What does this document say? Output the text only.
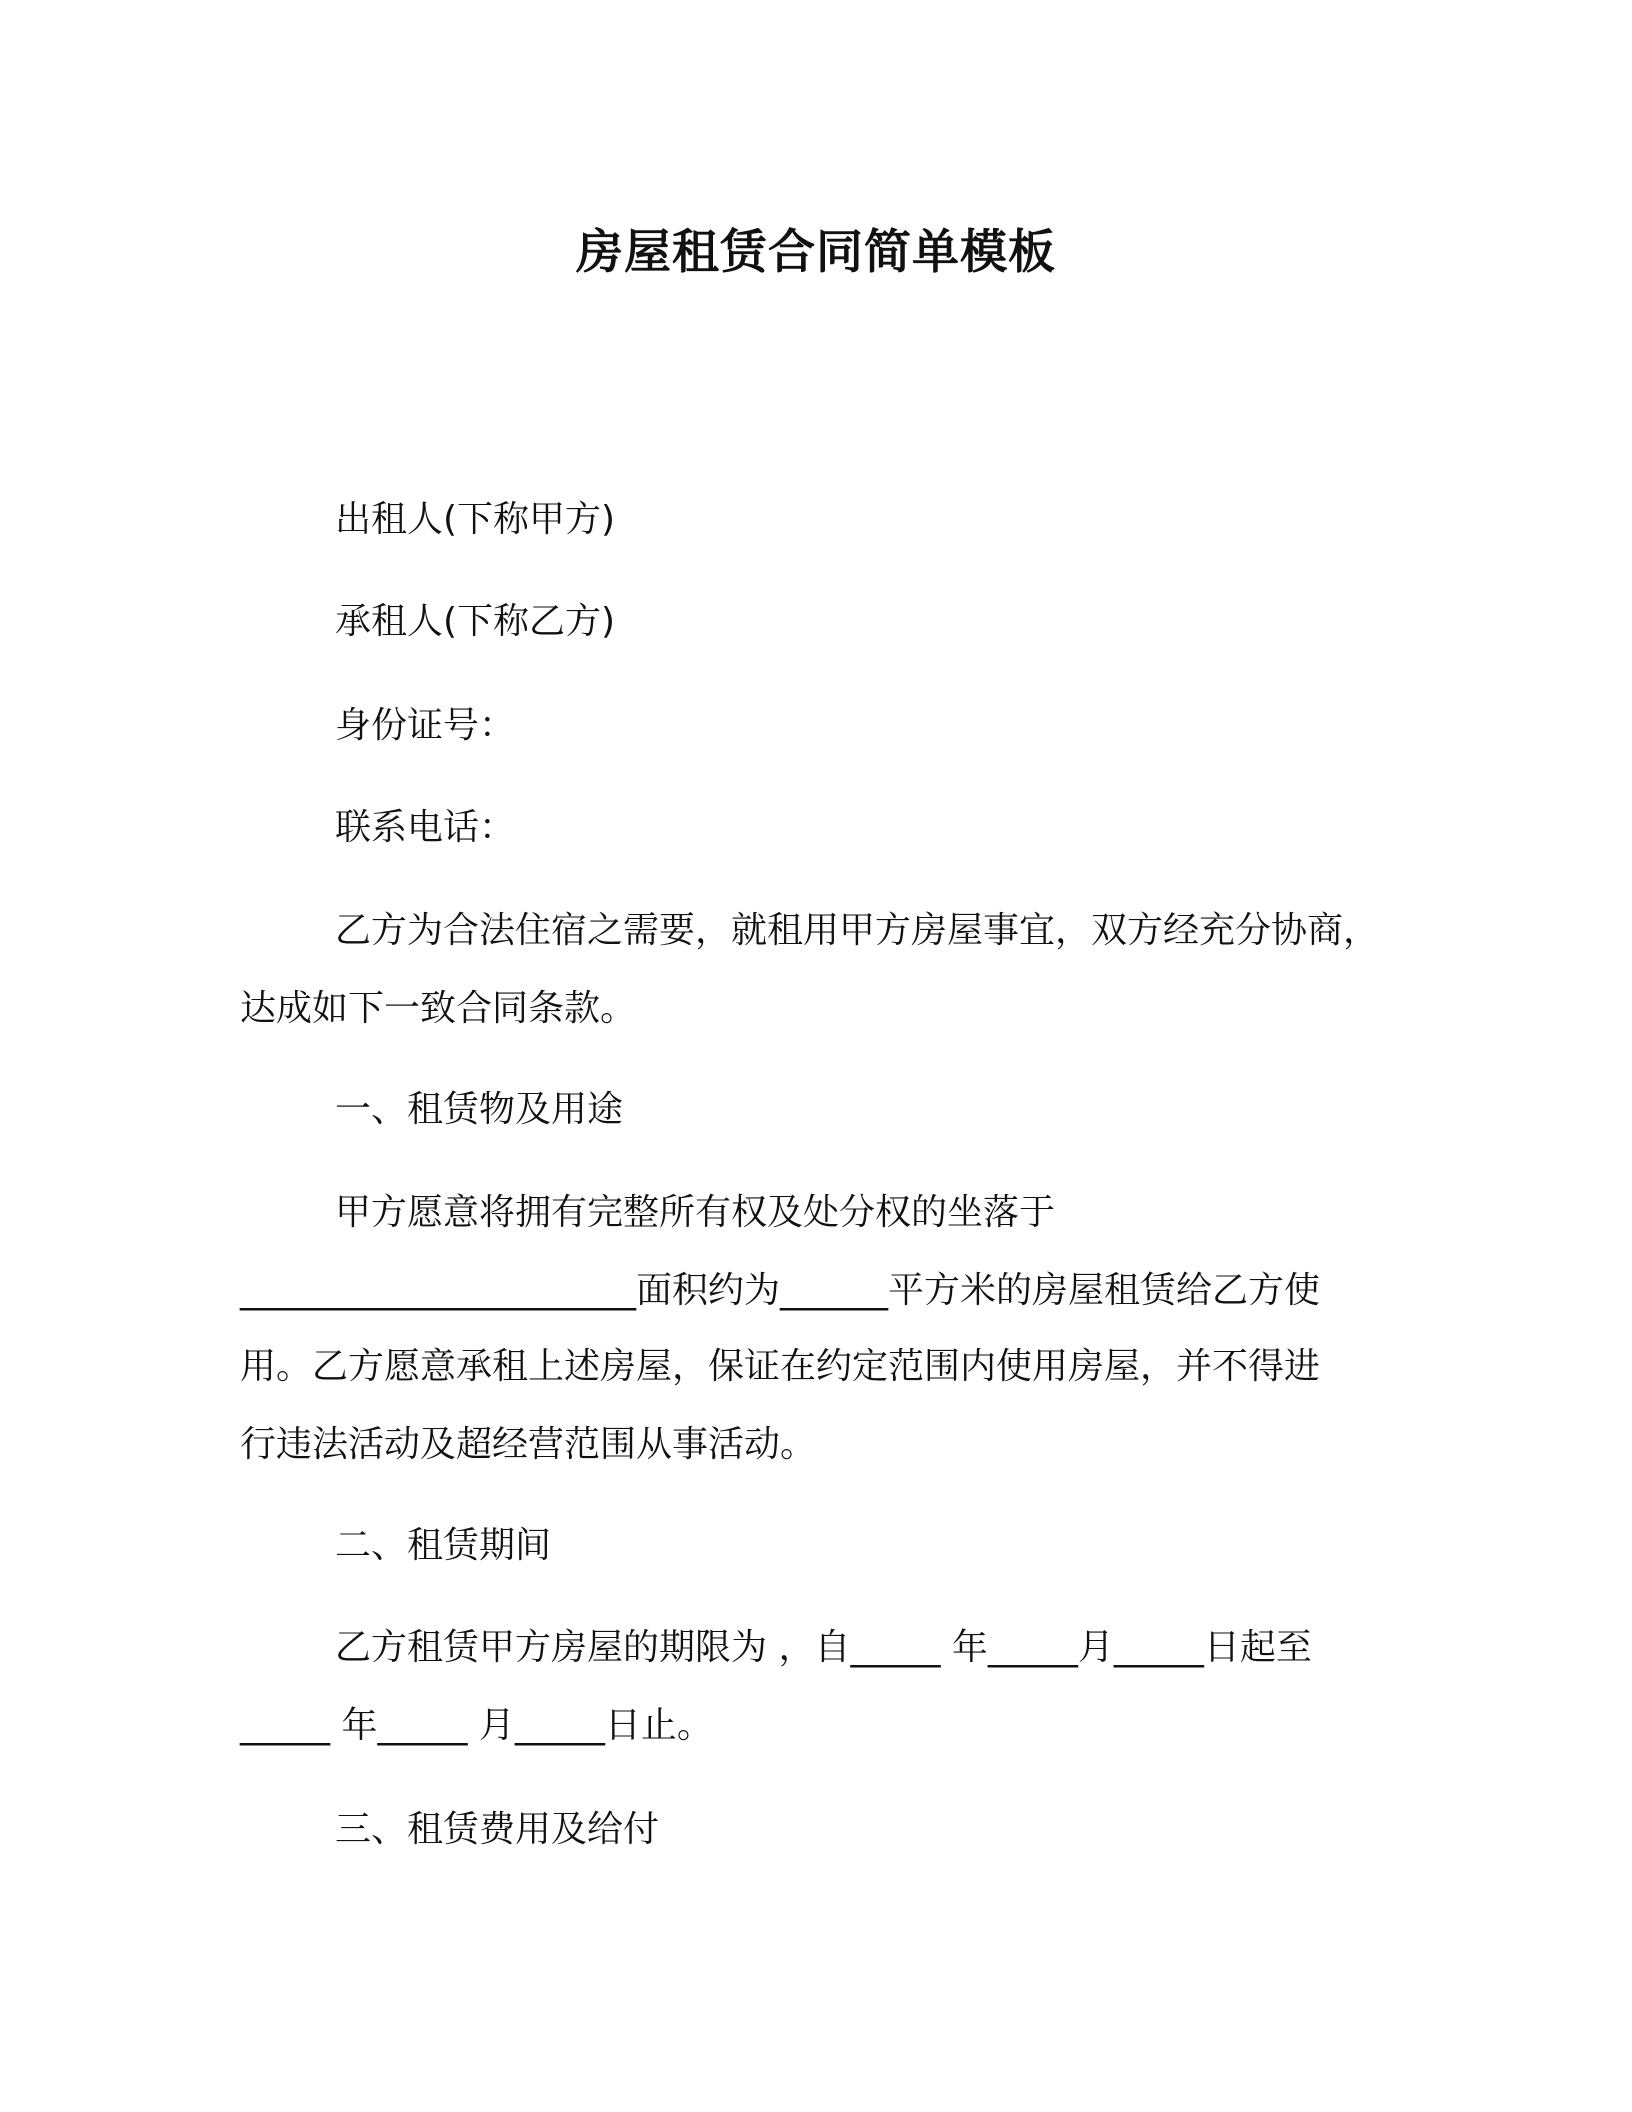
房屋租赁合同简单模板

出租人(下称甲方)

承租人(下称乙方)

身份证号：

联系电话：

乙方为合法住宿之需要，就租用甲方房屋事宜，双方经充分协商，

达成如下一致合同条款。

一、租赁物及用途

甲方愿意将拥有完整所有权及处分权的坐落于

______________________面积约为______平方米的房屋租赁给乙方使

用。乙方愿意承租上述房屋，保证在约定范围内使用房屋，并不得进

行违法活动及超经营范围从事活动。

二、租赁期间

乙方租赁甲方房屋的期限为 ，自_____ 年_____月_____日起至

_____ 年_____ 月_____日止。

三、租赁费用及给付
